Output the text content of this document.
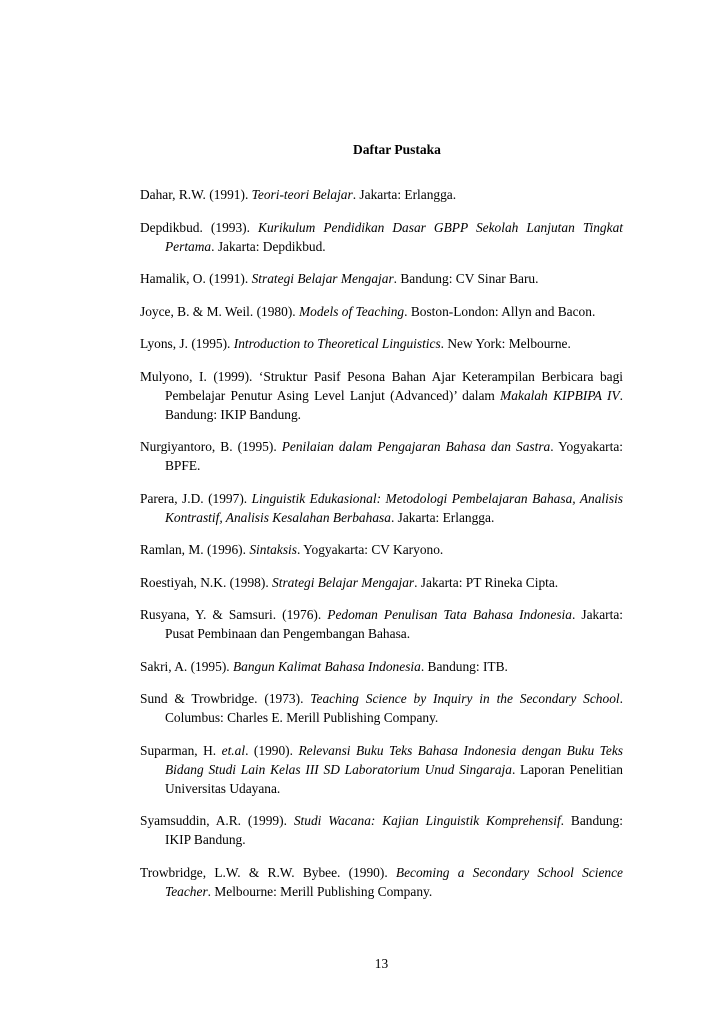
Daftar Pustaka
Dahar, R.W. (1991). Teori-teori Belajar. Jakarta: Erlangga.
Depdikbud. (1993). Kurikulum Pendidikan Dasar GBPP Sekolah Lanjutan Tingkat Pertama. Jakarta: Depdikbud.
Hamalik, O. (1991). Strategi Belajar Mengajar. Bandung: CV Sinar Baru.
Joyce, B. & M. Weil. (1980). Models of Teaching. Boston-London: Allyn and Bacon.
Lyons, J. (1995). Introduction to Theoretical Linguistics. New York: Melbourne.
Mulyono, I. (1999). ‘Struktur Pasif Pesona Bahan Ajar Keterampilan Berbicara bagi Pembelajar Penutur Asing Level Lanjut (Advanced)’ dalam Makalah KIPBIPA IV. Bandung: IKIP Bandung.
Nurgiyantoro, B. (1995). Penilaian dalam Pengajaran Bahasa dan Sastra. Yogyakarta: BPFE.
Parera, J.D. (1997). Linguistik Edukasional: Metodologi Pembelajaran Bahasa, Analisis Kontrastif, Analisis Kesalahan Berbahasa. Jakarta: Erlangga.
Ramlan, M. (1996). Sintaksis. Yogyakarta: CV Karyono.
Roestiyah, N.K. (1998). Strategi Belajar Mengajar. Jakarta: PT Rineka Cipta.
Rusyana, Y. & Samsuri. (1976). Pedoman Penulisan Tata Bahasa Indonesia. Jakarta: Pusat Pembinaan dan Pengembangan Bahasa.
Sakri, A. (1995). Bangun Kalimat Bahasa Indonesia. Bandung: ITB.
Sund & Trowbridge. (1973). Teaching Science by Inquiry in the Secondary School. Columbus: Charles E. Merill Publishing Company.
Suparman, H. et.al. (1990). Relevansi Buku Teks Bahasa Indonesia dengan Buku Teks Bidang Studi Lain Kelas III SD Laboratorium Unud Singaraja. Laporan Penelitian Universitas Udayana.
Syamsuddin, A.R. (1999). Studi Wacana: Kajian Linguistik Komprehensif. Bandung: IKIP Bandung.
Trowbridge, L.W. & R.W. Bybee. (1990). Becoming a Secondary School Science Teacher. Melbourne: Merill Publishing Company.
13
